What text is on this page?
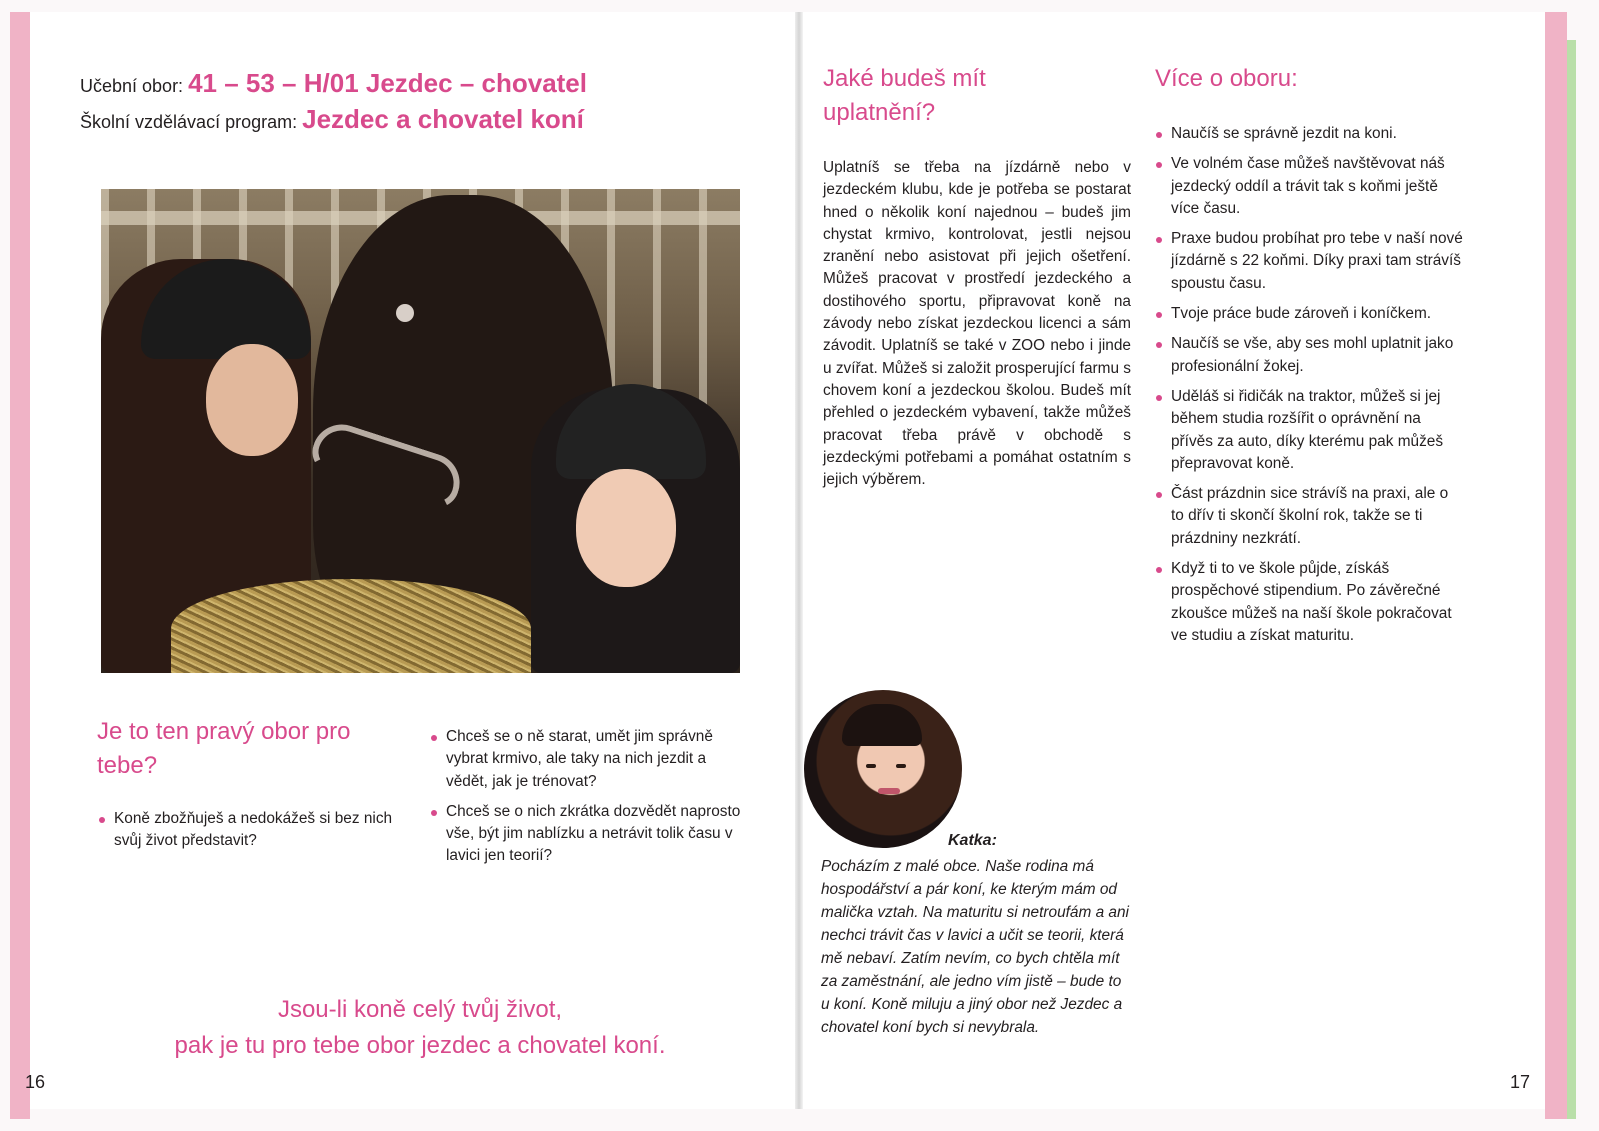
Učební obor: 41 – 53 – H/01 Jezdec – chovatel
Školní vzdělávací program: Jezdec a chovatel koní
Je to ten pravý obor pro tebe?
Koně zbožňuješ a nedokážeš si bez nich svůj život představit?
Chceš se o ně starat, umět jim správně vybrat krmivo, ale taky na nich jezdit a vědět, jak je trénovat?
Chceš se o nich zkrátka dozvědět naprosto vše, být jim nablízku a netrávit tolik času v lavici jen teorií?
Jsou-li koně celý tvůj život,
pak je tu pro tebe obor jezdec a chovatel koní.
16
Jaké budeš mít uplatnění?
Uplatníš se třeba na jízdárně nebo v jezdeckém klubu, kde je potřeba se postarat hned o několik koní najednou – budeš jim chystat krmivo, kontrolovat, jestli nejsou zranění nebo asistovat při jejich ošetření. Můžeš pracovat v prostředí jezdeckého a dostihového sportu, připravovat koně na závody nebo získat jezdeckou licenci a sám závodit. Uplatníš se také v ZOO nebo i jinde u zvířat. Můžeš si založit prosperující farmu s chovem koní a jezdeckou školou. Budeš mít přehled o jezdeckém vybavení, takže můžeš pracovat třeba právě v obchodě s jezdeckými potřebami a pomáhat ostatním s jejich výběrem.
Více o oboru:
Naučíš se správně jezdit na koni.
Ve volném čase můžeš navštěvovat náš jezdecký oddíl a trávit tak s koňmi ještě více času.
Praxe budou probíhat pro tebe v naší nové jízdárně s 22 koňmi. Díky praxi tam strávíš spoustu času.
Tvoje práce bude zároveň i koníčkem.
Naučíš se vše, aby ses mohl uplatnit jako profesionální žokej.
Uděláš si řidičák na traktor, můžeš si jej během studia rozšířit o oprávnění na přívěs za auto, díky kterému pak můžeš přepravovat koně.
Část prázdnin sice strávíš na praxi, ale o to dřív ti skončí školní rok, takže se ti prázdniny nezkrátí.
Když ti to ve škole půjde, získáš prospěchové stipendium. Po závěrečné zkoušce můžeš na naší škole pokračovat ve studiu a získat maturitu.
Katka:
Pocházím z malé obce. Naše rodina má hospodářství a pár koní, ke kterým mám od malička vztah. Na maturitu si netroufám a ani nechci trávit čas v lavici a učit se teorii, která mě nebaví. Zatím nevím, co bych chtěla mít za zaměstnání, ale jedno vím jistě – bude to u koní. Koně miluju a jiný obor než Jezdec a chovatel koní bych si nevybrala.
17
